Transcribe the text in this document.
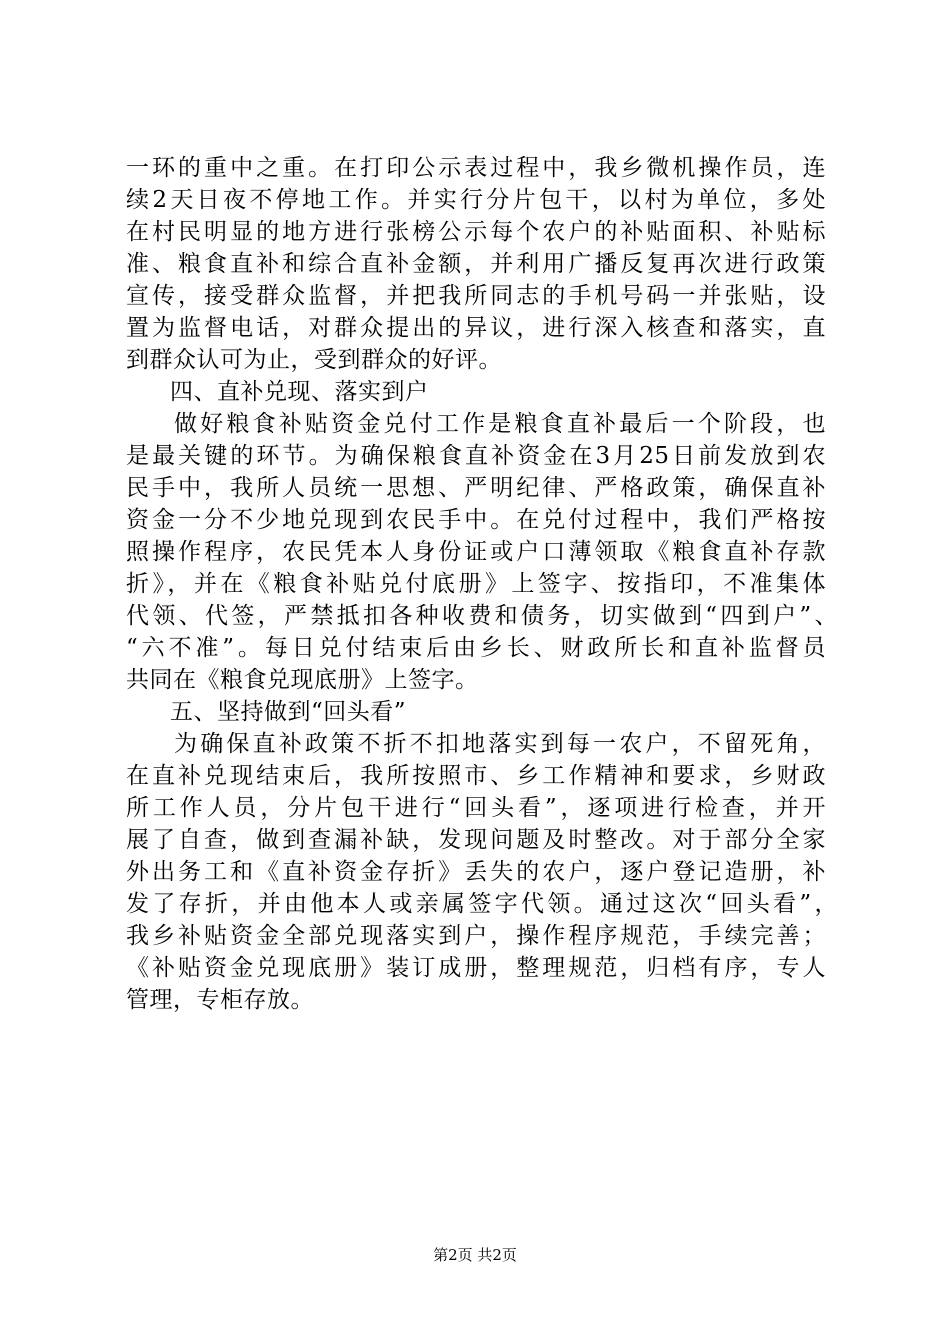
一环的重中之重。在打印公示表过程中，我乡微机操作员，连
续2天日夜不停地工作。并实行分片包干，以村为单位，多处
在村民明显的地方进行张榜公示每个农户的补贴面积、补贴标
准、粮食直补和综合直补金额，并利用广播反复再次进行政策
宣传，接受群众监督，并把我所同志的手机号码一并张贴，设
置为监督电话，对群众提出的异议，进行深入核查和落实，直
到群众认可为止，受到群众的好评。
四、直补兑现、落实到户
做好粮食补贴资金兑付工作是粮食直补最后一个阶段，也
是最关键的环节。为确保粮食直补资金在3月25日前发放到农
民手中，我所人员统一思想、严明纪律、严格政策，确保直补
资金一分不少地兑现到农民手中。在兑付过程中，我们严格按
照操作程序，农民凭本人身份证或户口薄领取《粮食直补存款
折》，并在《粮食补贴兑付底册》上签字、按指印，不准集体
代领、代签，严禁抵扣各种收费和债务，切实做到“四到户”、
“六不准”。每日兑付结束后由乡长、财政所长和直补监督员
共同在《粮食兑现底册》上签字。
五、坚持做到“回头看”
为确保直补政策不折不扣地落实到每一农户，不留死角，
在直补兑现结束后，我所按照市、乡工作精神和要求，乡财政
所工作人员，分片包干进行“回头看”，逐项进行检查，并开
展了自查，做到查漏补缺，发现问题及时整改。对于部分全家
外出务工和《直补资金存折》丢失的农户，逐户登记造册，补
发了存折，并由他本人或亲属签字代领。通过这次“回头看”，
我乡补贴资金全部兑现落实到户，操作程序规范，手续完善；
《补贴资金兑现底册》装订成册，整理规范，归档有序，专人
管理，专柜存放。
第2页 共2页
